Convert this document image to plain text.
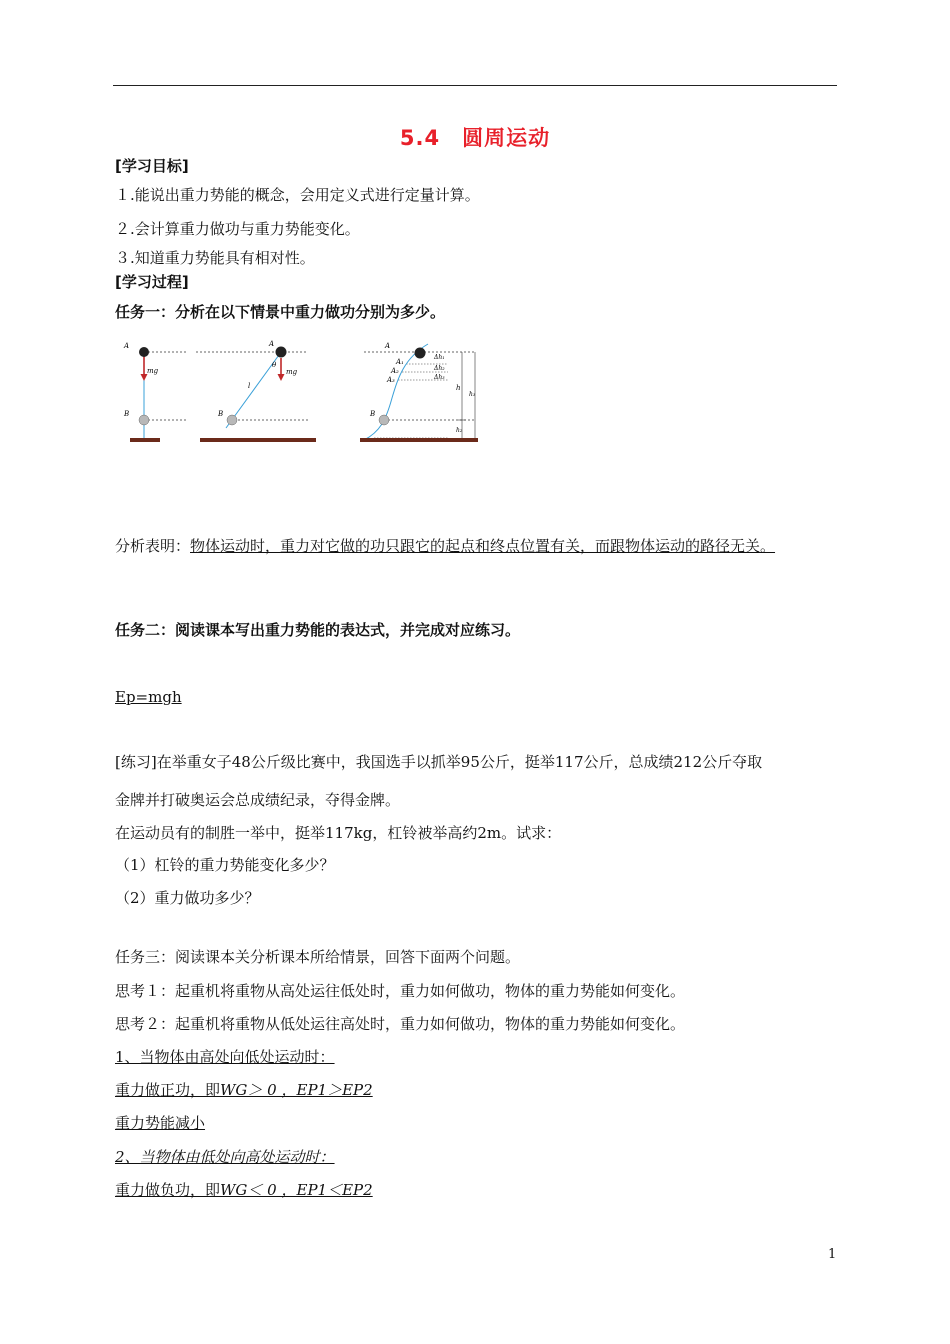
5.4　圆周运动
[学习目标]
１.能说出重力势能的概念，会用定义式进行定量计算。
２.会计算重力做功与重力势能变化。
３.知道重力势能具有相对性。
[学习过程]
任务一：分析在以下情景中重力做功分别为多少。
A
mg
B
A
mg
θ
l
B
A
A₁
A₂
A₃
Δh₁
Δh₂
Δh₃
h
h₁
h₂
B
分析表明：物体运动时，重力对它做的功只跟它的起点和终点位置有关，而跟物体运动的路径无关。
任务二：阅读课本写出重力势能的表达式，并完成对应练习。
Ep=mgh
[练习]在举重女子48公斤级比赛中，我国选手以抓举95公斤，挺举117公斤，总成绩212公斤夺取
金牌并打破奥运会总成绩纪录，夺得金牌。
在运动员有的制胜一举中，挺举117kg，杠铃被举高约2m。试求：
（1）杠铃的重力势能变化多少？
（2）重力做功多少？
任务三：阅读课本关分析课本所给情景，回答下面两个问题。
思考１：起重机将重物从高处运往低处时，重力如何做功，物体的重力势能如何变化。
思考２：起重机将重物从低处运往高处时，重力如何做功，物体的重力势能如何变化。
1、当物体由高处向低处运动时：
重力做正功，即WG＞ 0 ，EP1＞EP2
重力势能减小
2、当物体由低处向高处运动时：
重力做负功，即WG＜ 0 ，EP1＜EP2
1
